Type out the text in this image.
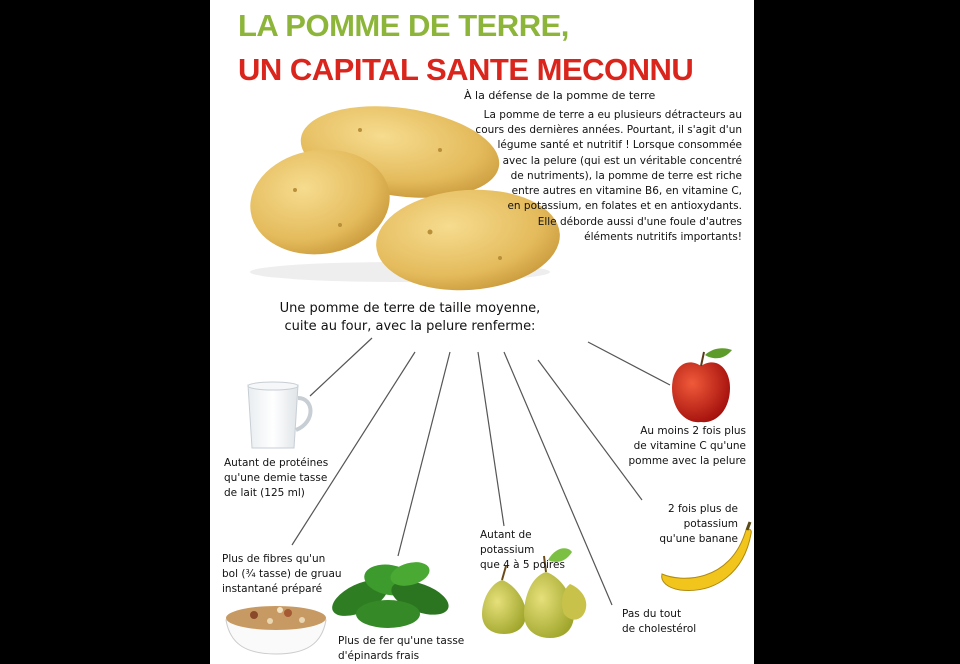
LA POMME DE TERRE,
UN CAPITAL SANTE MECONNU
À la défense de la pomme de terre
La pomme de terre a eu plusieurs détracteurs au
cours des dernières années. Pourtant, il s'agit d'un
légume santé et nutritif ! Lorsque consommée
avec la pelure (qui est un véritable concentré
de nutriments), la pomme de terre est riche
entre autres en vitamine B6, en vitamine C,
en potassium, en folates et en antioxydants.
Elle déborde aussi d'une foule d'autres
éléments nutritifs importants!
Une pomme de terre de taille moyenne,
cuite au four, avec la pelure renferme:
Autant de protéines
qu'une demie tasse
de lait (125 ml)
Au moins 2 fois plus
de vitamine C qu'une
pomme avec la pelure
2 fois plus de
potassium
qu'une banane
Plus de fibres qu'un
bol (¾ tasse) de gruau
instantané préparé
Autant de
potassium
que 4 à 5 poires
Pas du tout
de cholestérol
Plus de fer qu'une tasse
d'épinards frais
